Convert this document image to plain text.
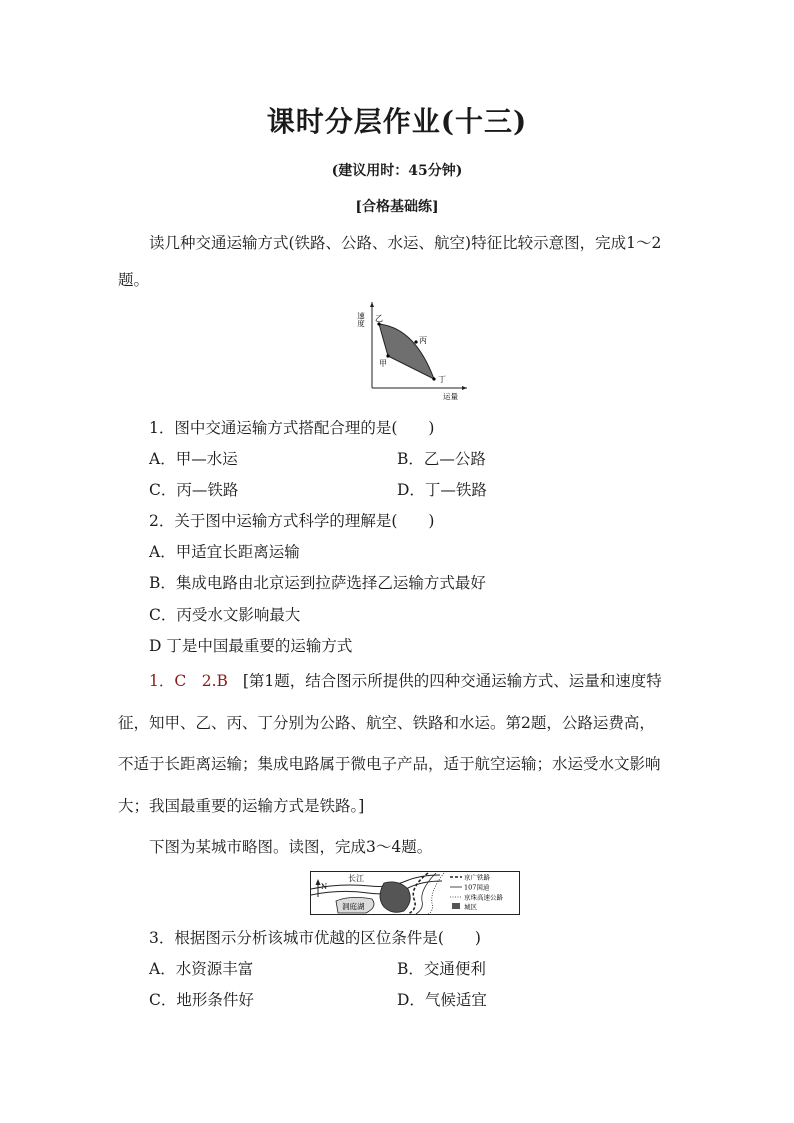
课时分层作业(十三)
(建议用时：45分钟)
[合格基础练]
读几种交通运输方式(铁路、公路、水运、航空)特征比较示意图，完成1～2
题。
速度 乙
丙
甲
丁
运量
1．图中交通运输方式搭配合理的是(　　)
A．甲—水运	B．乙—公路
C．丙—铁路	D．丁—铁路
2．关于图中运输方式科学的理解是(　　)
A．甲适宜长距离运输
B．集成电路由北京运到拉萨选择乙运输方式最好
C．丙受水文影响最大
D 丁是中国最重要的运输方式
1．C　2.B [第1题，结合图示所提供的四种交通运输方式、运量和速度特
征，知甲、乙、丙、丁分别为公路、航空、铁路和水运。第2题，公路运费高，
不适于长距离运输；集成电路属于微电子产品，适于航空运输；水运受水文影响
大；我国最重要的运输方式是铁路。]
下图为某城市略图。读图，完成3～4题。
N
长江
洞庭湖
京广铁路
107国道
京珠高速公路
城区
3．根据图示分析该城市优越的区位条件是(　　)
A．水资源丰富	B．交通便利
C．地形条件好	D．气候适宜
